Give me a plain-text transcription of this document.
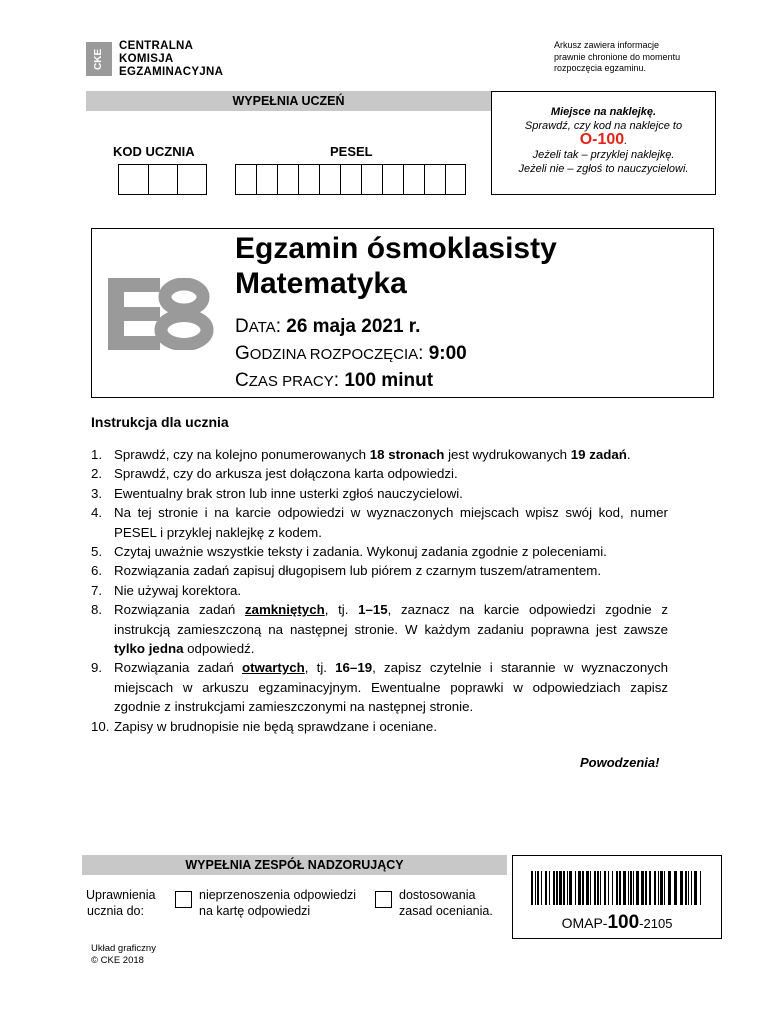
CKE
CENTRALNA
KOMISJA
EGZAMINACYJNA
Arkusz zawiera informacje
prawnie chronione do momentu
rozpoczęcia egzaminu.
WYPEŁNIA UCZEŃ
KOD UCZNIA	PESEL
Miejsce na naklejkę.
Sprawdź, czy kod na naklejce to
O-100.
Jeżeli tak – przyklej naklejkę.
Jeżeli nie – zgłoś to nauczycielowi.
Egzamin ósmoklasisty
Matematyka
DATA: 26 maja 2021 r.
GODZINA ROZPOCZĘCIA: 9:00
CZAS PRACY: 100 minut
Instrukcja dla ucznia
1. Sprawdź, czy na kolejno ponumerowanych 18 stronach jest wydrukowanych 19 zadań.
2. Sprawdź, czy do arkusza jest dołączona karta odpowiedzi.
3. Ewentualny brak stron lub inne usterki zgłoś nauczycielowi.
4. Na tej stronie i na karcie odpowiedzi w wyznaczonych miejscach wpisz swój kod, numer PESEL i przyklej naklejkę z kodem.
5. Czytaj uważnie wszystkie teksty i zadania. Wykonuj zadania zgodnie z poleceniami.
6. Rozwiązania zadań zapisuj długopisem lub piórem z czarnym tuszem/atramentem.
7. Nie używaj korektora.
8. Rozwiązania zadań zamkniętych, tj. 1–15, zaznacz na karcie odpowiedzi zgodnie z instrukcją zamieszczoną na następnej stronie. W każdym zadaniu poprawna jest zawsze tylko jedna odpowiedź.
9. Rozwiązania zadań otwartych, tj. 16–19, zapisz czytelnie i starannie w wyznaczonych miejscach w arkuszu egzaminacyjnym. Ewentualne poprawki w odpowiedziach zapisz zgodnie z instrukcjami zamieszczonymi na następnej stronie.
10. Zapisy w brudnopisie nie będą sprawdzane i oceniane.
Powodzenia!
WYPEŁNIA ZESPÓŁ NADZORUJĄCY
Uprawnienia
ucznia do:
nieprzenoszenia odpowiedzi
na kartę odpowiedzi
dostosowania
zasad oceniania.
OMAP-100-2105
Układ graficzny
© CKE 2018
